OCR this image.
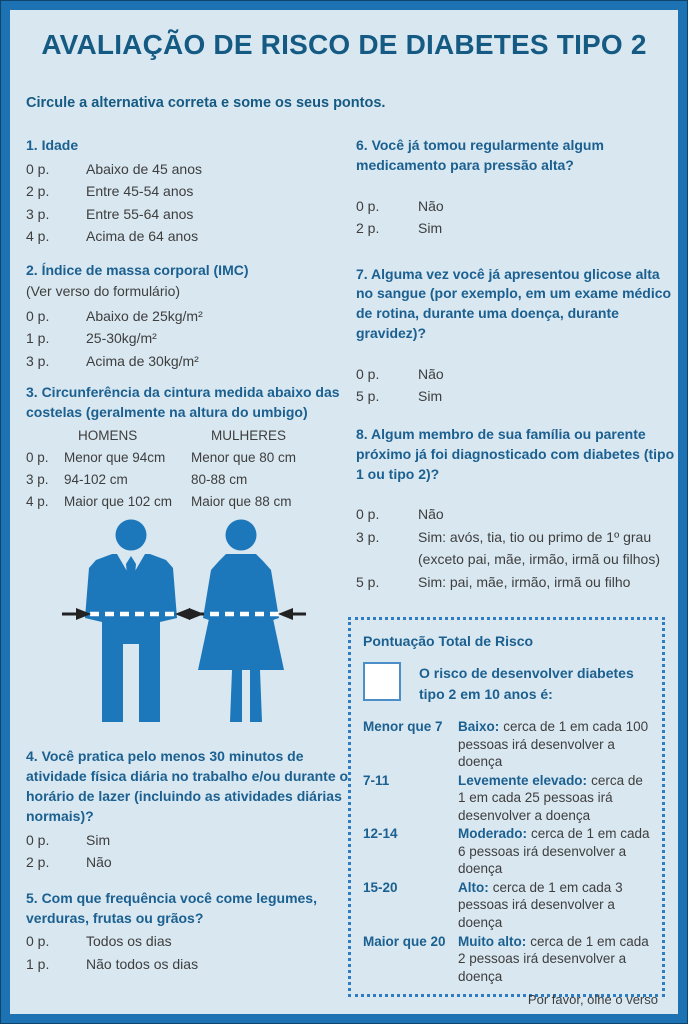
AVALIAÇÃO DE RISCO DE DIABETES TIPO 2
Circule a alternativa correta e some os seus pontos.
1. Idade
0 p.	Abaixo de 45 anos
2 p.	Entre 45-54 anos
3 p.	Entre 55-64 anos
4 p.	Acima de 64 anos
2. Índice de massa corporal (IMC)
(Ver verso do formulário)
0 p.	Abaixo de 25kg/m²
1 p.	25-30kg/m²
3 p.	Acima de 30kg/m²
3. Circunferência da cintura medida abaixo das costelas (geralmente na altura do umbigo)
HOMENS	MULHERES
0 p.	Menor que 94cm	Menor que 80 cm
3 p.	94-102 cm	80-88 cm
4 p.	Maior que 102 cm	Maior que 88 cm
4. Você pratica pelo menos 30 minutos de atividade física diária no trabalho e/ou durante o horário de lazer (incluindo as atividades diárias normais)?
0 p.	Sim
2 p.	Não
5. Com que frequência você come legumes, verduras, frutas ou grãos?
0 p.	Todos os dias
1 p.	Não todos os dias
6. Você já tomou regularmente algum medicamento para pressão alta?
0 p.	Não
2 p.	Sim
7. Alguma vez você já apresentou glicose alta no sangue (por exemplo, em um exame médico de rotina, durante uma doença, durante gravidez)?
0 p.	Não
5 p.	Sim
8. Algum membro de sua família ou parente próximo já foi diagnosticado com diabetes (tipo 1 ou tipo 2)?
0 p.	Não
3 p.	Sim: avós, tia, tio ou primo de 1º grau (exceto pai, mãe, irmão, irmã ou filhos)
5 p.	Sim: pai, mãe, irmão, irmã ou filho
Pontuação Total de Risco
O risco de desenvolver diabetes tipo 2 em 10 anos é:
Menor que 7	Baixo: cerca de 1 em cada 100 pessoas irá desenvolver a doença
7-11	Levemente elevado: cerca de 1 em cada 25 pessoas irá desenvolver a doença
12-14	Moderado: cerca de 1 em cada 6 pessoas irá desenvolver a doença
15-20	Alto: cerca de 1 em cada 3 pessoas irá desenvolver a doença
Maior que 20 Muito alto: cerca de 1 em cada 2 pessoas irá desenvolver a doença
Por favor, olhe o verso
